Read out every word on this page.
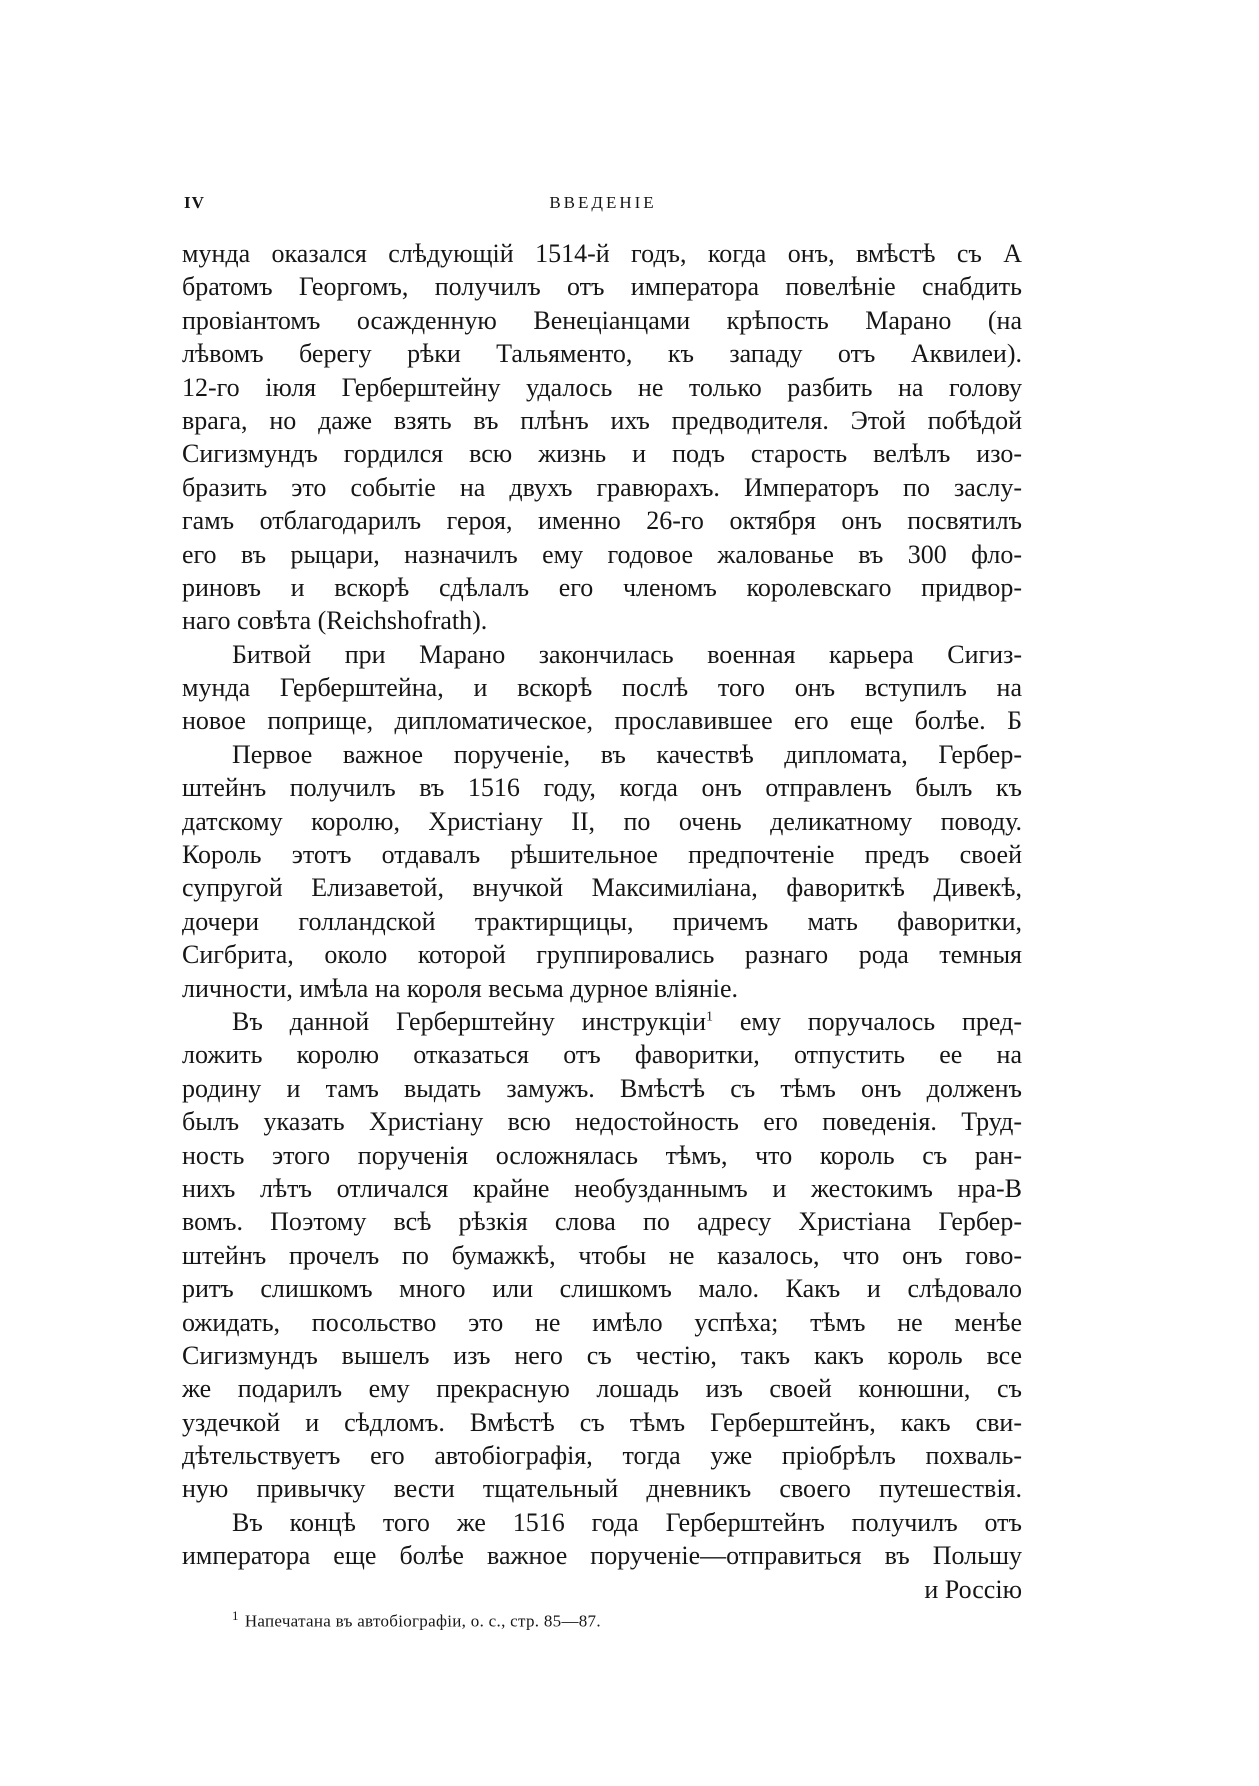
IV	ВВЕДЕНІЕ
мунда оказался слѣдующій 1514-й годъ, когда онъ, вмѣстѣ съ А
братомъ Георгомъ, получилъ отъ императора повелѣніе снабдить
провіантомъ осажденную Венеціанцами крѣпость Марано (на
лѣвомъ берегу рѣки Тальяменто, къ западу отъ Аквилеи).
12-го іюля Герберштейну удалось не только разбить на голову
врага, но даже взять въ плѣнъ ихъ предводителя. Этой побѣдой
Сигизмундъ гордился всю жизнь и подъ старость велѣлъ изо-
бразить это событіе на двухъ гравюрахъ. Императоръ по заслу-
гамъ отблагодарилъ героя, именно 26-го октября онъ посвятилъ
его въ рыцари, назначилъ ему годовое жалованье въ 300 фло-
риновъ и вскорѣ сдѣлалъ его членомъ королевскаго придвор-
наго совѣта (Reichshofrath).
Битвой при Марано закончилась военная карьера Сигиз-
мунда Герберштейна, и вскорѣ послѣ того онъ вступилъ на
новое поприще, дипломатическое, прославившее его еще болѣе. Б
Первое важное порученіе, въ качествѣ дипломата, Гербер-
штейнъ получилъ въ 1516 году, когда онъ отправленъ былъ къ
датскому королю, Христіану II, по очень деликатному поводу.
Король этотъ отдавалъ рѣшительное предпочтеніе предъ своей
супругой Елизаветой, внучкой Максимиліана, фавориткѣ Дивекѣ,
дочери голландской трактирщицы, причемъ мать фаворитки,
Сигбрита, около которой группировались разнаго рода темныя
личности, имѣла на короля весьма дурное вліяніе.
Въ данной Герберштейну инструкціи$^1$ ему поручалось пред-
ложить королю отказаться отъ фаворитки, отпустить ее на
родину и тамъ выдать замужъ. Вмѣстѣ съ тѣмъ онъ долженъ
былъ указать Христіану всю недостойность его поведенія. Труд-
ность этого порученія осложнялась тѣмъ, что король съ ран-
нихъ лѣтъ отличался крайне необузданнымъ и жестокимъ нра-В
вомъ. Поэтому всѣ рѣзкія слова по адресу Христіана Гербер-
штейнъ прочелъ по бумажкѣ, чтобы не казалось, что онъ гово-
ритъ слишкомъ много или слишкомъ мало. Какъ и слѣдовало
ожидать, посольство это не имѣло успѣха; тѣмъ не менѣе
Сигизмундъ вышелъ изъ него съ честію, такъ какъ король все
же подарилъ ему прекрасную лошадь изъ своей конюшни, съ
уздечкой и сѣдломъ. Вмѣстѣ съ тѣмъ Герберштейнъ, какъ сви-
дѣтельствуетъ его автобіографія, тогда уже пріобрѣлъ похваль-
ную привычку вести тщательный дневникъ своего путешествія.
Въ концѣ того же 1516 года Герберштейнъ получилъ отъ
императора еще болѣе важное порученіе—отправиться въ Польшу
и Россію
$^1$ Напечатана въ автобіографіи, о. с., стр. 85—87.
